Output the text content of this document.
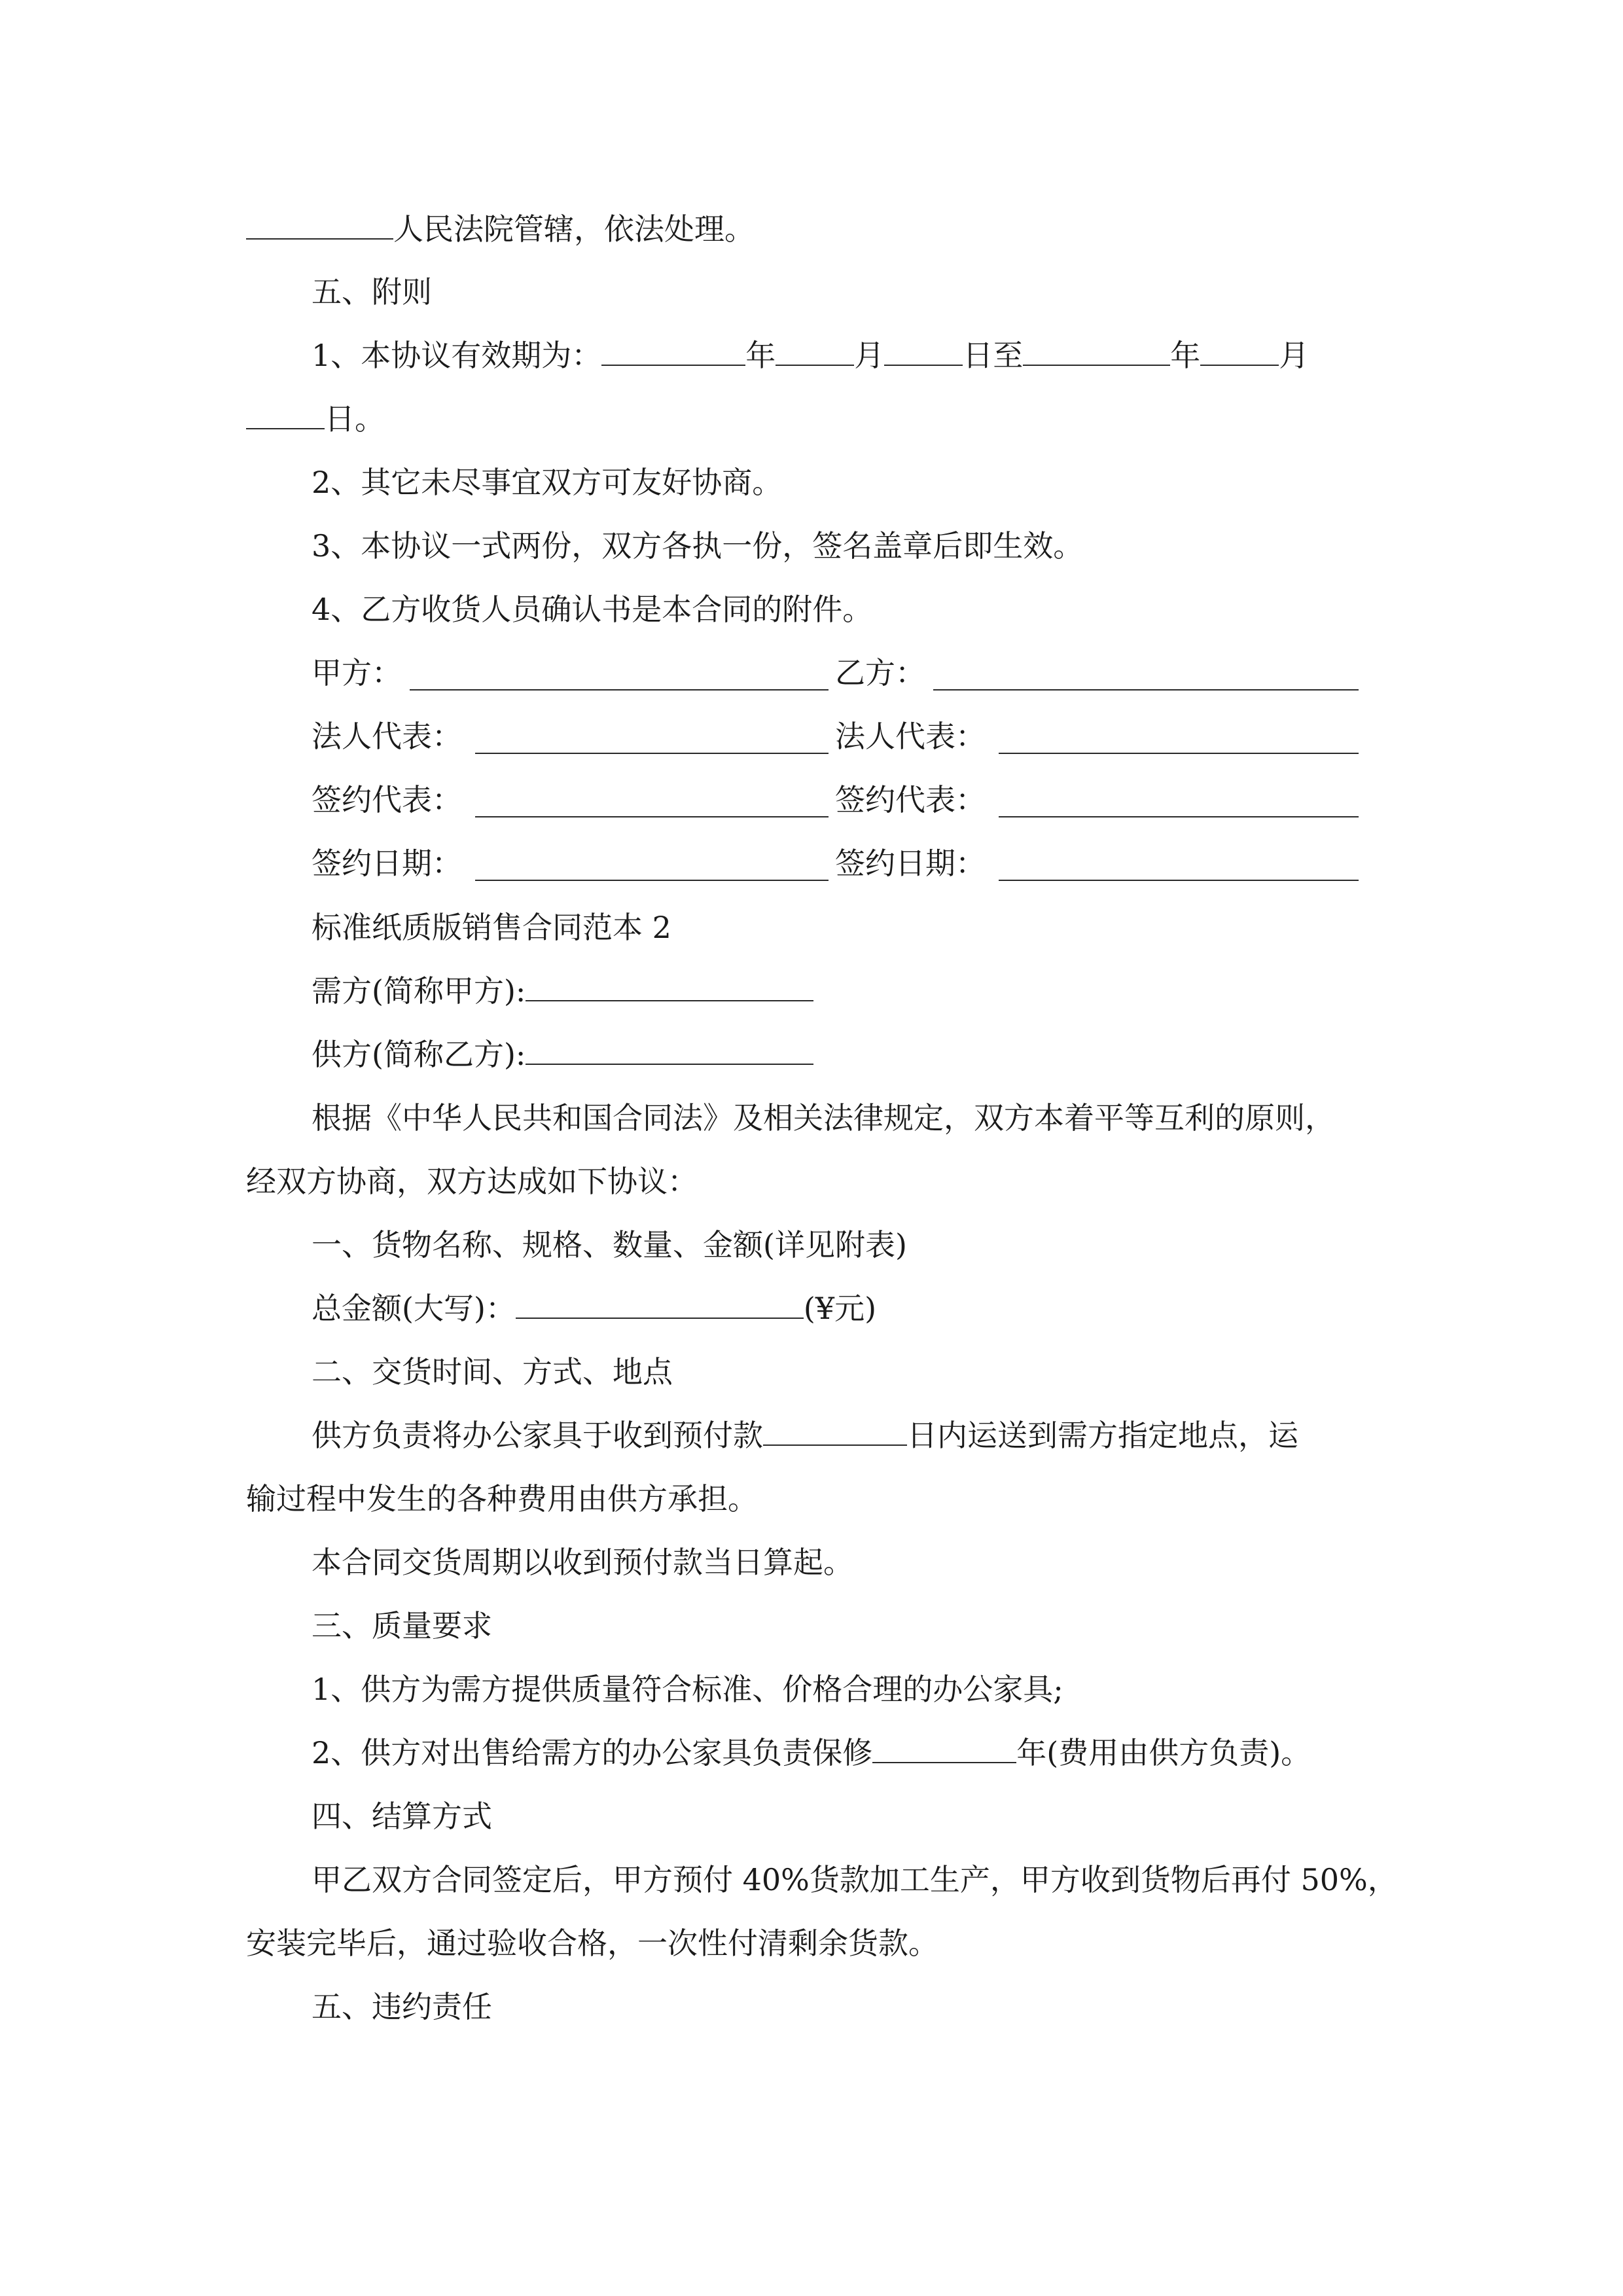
人民法院管辖，依法处理。
五、附则
1、本协议有效期为：	年	月	日至	年	月
日。
2、其它未尽事宜双方可友好协商。
3、本协议一式两份，双方各执一份，签名盖章后即生效。
4、乙方收货人员确认书是本合同的附件。
甲方：	乙方：
法人代表：	法人代表：
签约代表：	签约代表：
签约日期：	签约日期：
标准纸质版销售合同范本 2
需方(简称甲方):
供方(简称乙方):
根据《中华人民共和国合同法》及相关法律规定，双方本着平等互利的原则，
经双方协商，双方达成如下协议：
一、货物名称、规格、数量、金额(详见附表)
总金额(大写)：	(¥元)
二、交货时间、方式、地点
供方负责将办公家具于收到预付款	日内运送到需方指定地点，运
输过程中发生的各种费用由供方承担。
本合同交货周期以收到预付款当日算起。
三、质量要求
1、供方为需方提供质量符合标准、价格合理的办公家具;
2、供方对出售给需方的办公家具负责保修	年(费用由供方负责)。
四、结算方式
甲乙双方合同签定后，甲方预付 40%货款加工生产，甲方收到货物后再付 50%，
安装完毕后，通过验收合格，一次性付清剩余货款。
五、违约责任
